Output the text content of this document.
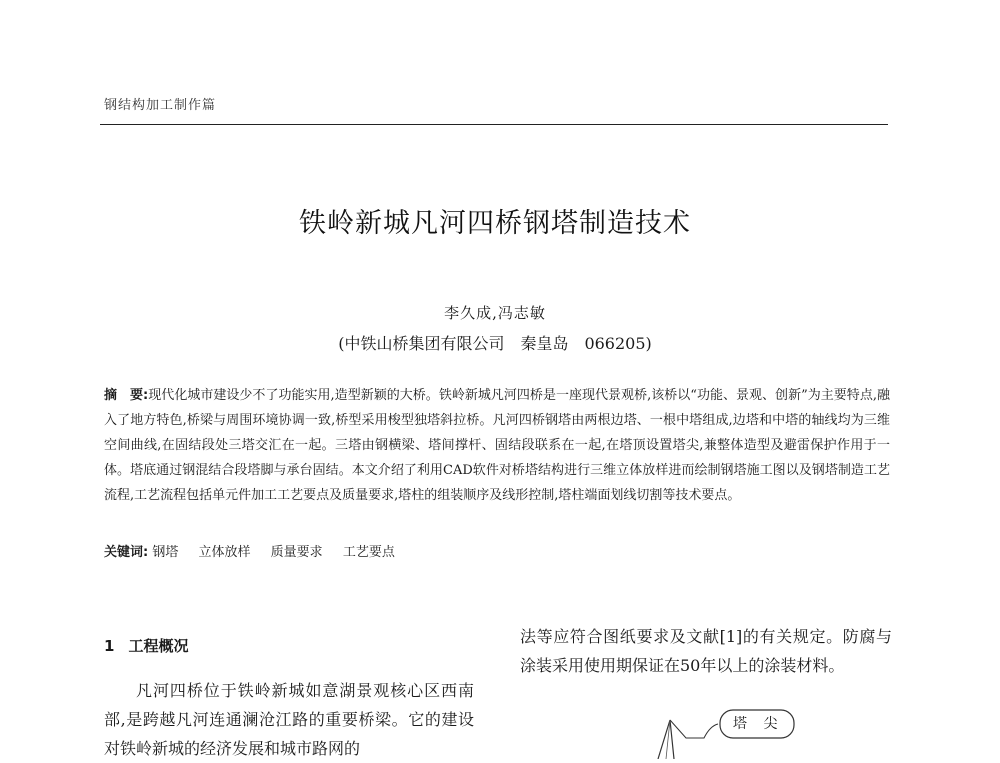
钢结构加工制作篇
铁岭新城凡河四桥钢塔制造技术
李久成,冯志敏
(中铁山桥集团有限公司　秦皇岛　066205)

摘　要:现代化城市建设少不了功能实用,造型新颖的大桥。铁岭新城凡河四桥是一座现代景观桥,该桥以“功能、景观、创新”为主要特点,融入了地方特色,桥梁与周围环境协调一致,桥型采用梭型独塔斜拉桥。凡河四桥钢塔由两根边塔、一根中塔组成,边塔和中塔的轴线均为三维空间曲线,在固结段处三塔交汇在一起。三塔由钢横梁、塔间撑杆、固结段联系在一起,在塔顶设置塔尖,兼整体造型及避雷保护作用于一体。塔底通过钢混结合段塔脚与承台固结。本文介绍了利用CAD软件对桥塔结构进行三维立体放样进而绘制钢塔施工图以及钢塔制造工艺流程,工艺流程包括单元件加工工艺要点及质量要求,塔柱的组装顺序及线形控制,塔柱端面划线切割等技术要点。

关键词: 钢塔 立体放样 质量要求 工艺要点

1 工程概况

凡河四桥位于铁岭新城如意湖景观核心区西南部,是跨越凡河连通澜沧江路的重要桥梁。它的建设对铁岭新城的经济发展和城市路网的

法等应符合图纸要求及文献[1]的有关规定。防腐与涂装采用使用期保证在50年以上的涂装材料。

塔 尖
